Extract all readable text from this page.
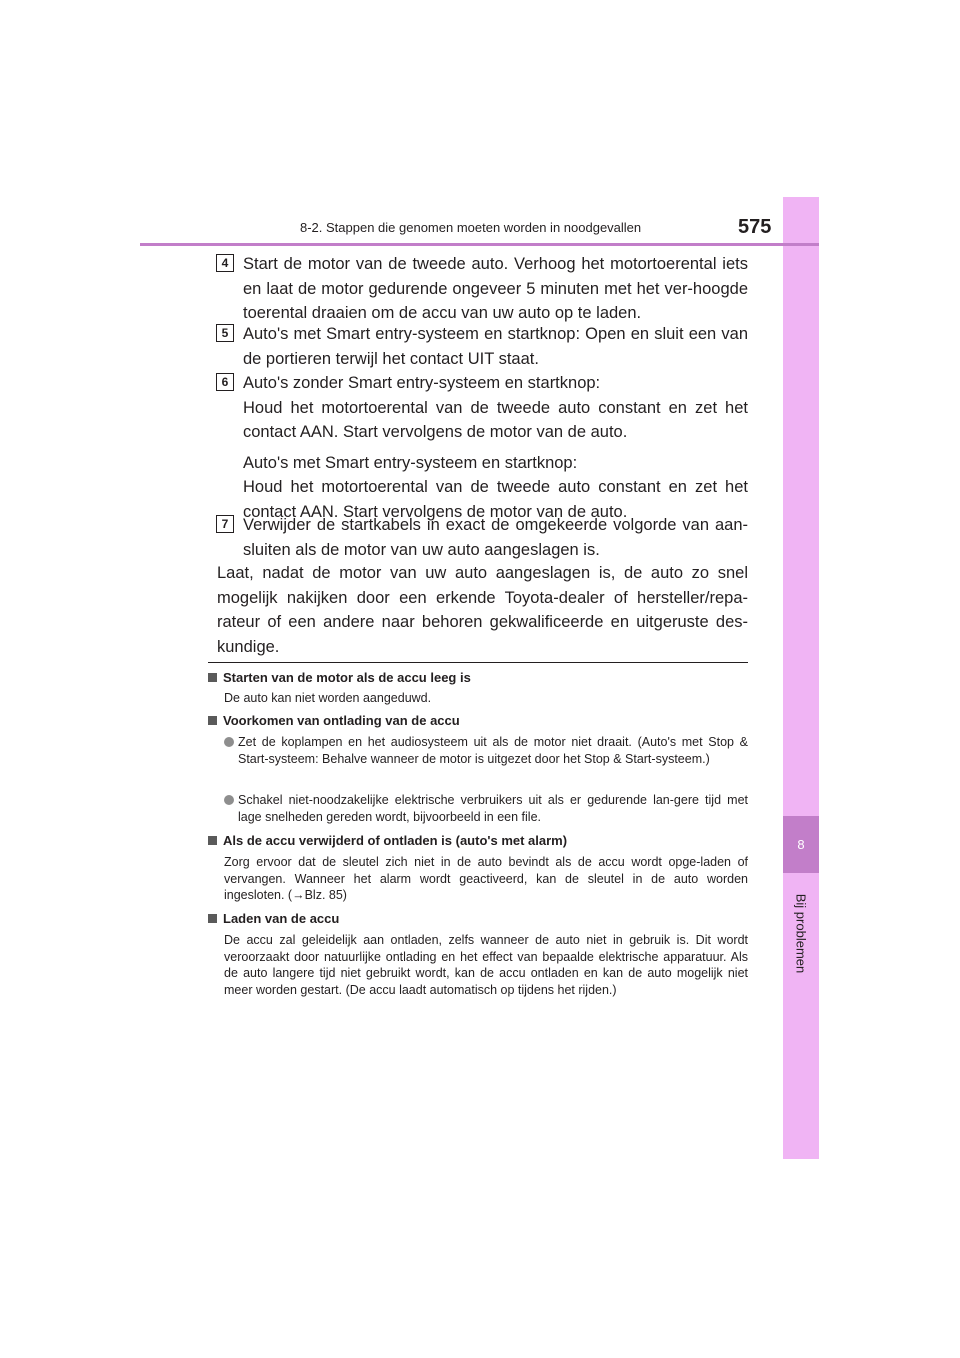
8
Bij problemen
8-2. Stappen die genomen moeten worden in noodgevallen	575
4 Start de motor van de tweede auto. Verhoog het motortoerental iets en laat de motor gedurende ongeveer 5 minuten met het ver-hoogde toerental draaien om de accu van uw auto op te laden.

5 Auto's met Smart entry-systeem en startknop: Open en sluit een van de portieren terwijl het contact UIT staat.

6 Auto's zonder Smart entry-systeem en startknop:

Houd het motortoerental van de tweede auto constant en zet het contact AAN. Start vervolgens de motor van de auto.

Auto's met Smart entry-systeem en startknop:

Houd het motortoerental van de tweede auto constant en zet het contact AAN. Start vervolgens de motor van de auto.

7 Verwijder de startkabels in exact de omgekeerde volgorde van aan-sluiten als de motor van uw auto aangeslagen is.

Laat, nadat de motor van uw auto aangeslagen is, de auto zo snel mogelijk nakijken door een erkende Toyota-dealer of hersteller/repa-rateur of een andere naar behoren gekwalificeerde en uitgeruste des-kundige.

Starten van de motor als de accu leeg is

De auto kan niet worden aangeduwd.

Voorkomen van ontlading van de accu

Zet de koplampen en het audiosysteem uit als de motor niet draait. (Auto's met Stop & Start-systeem: Behalve wanneer de motor is uitgezet door het Stop & Start-systeem.)

Schakel niet-noodzakelijke elektrische verbruikers uit als er gedurende lan-gere tijd met lage snelheden gereden wordt, bijvoorbeeld in een file.

Als de accu verwijderd of ontladen is (auto's met alarm)

Zorg ervoor dat de sleutel zich niet in de auto bevindt als de accu wordt opge-laden of vervangen. Wanneer het alarm wordt geactiveerd, kan de sleutel in de auto worden ingesloten. (→Blz. 85)

Laden van de accu

De accu zal geleidelijk aan ontladen, zelfs wanneer de auto niet in gebruik is. Dit wordt veroorzaakt door natuurlijke ontlading en het effect van bepaalde elektrische apparatuur. Als de auto langere tijd niet gebruikt wordt, kan de accu ontladen en kan de auto mogelijk niet meer worden gestart. (De accu laadt automatisch op tijdens het rijden.)
